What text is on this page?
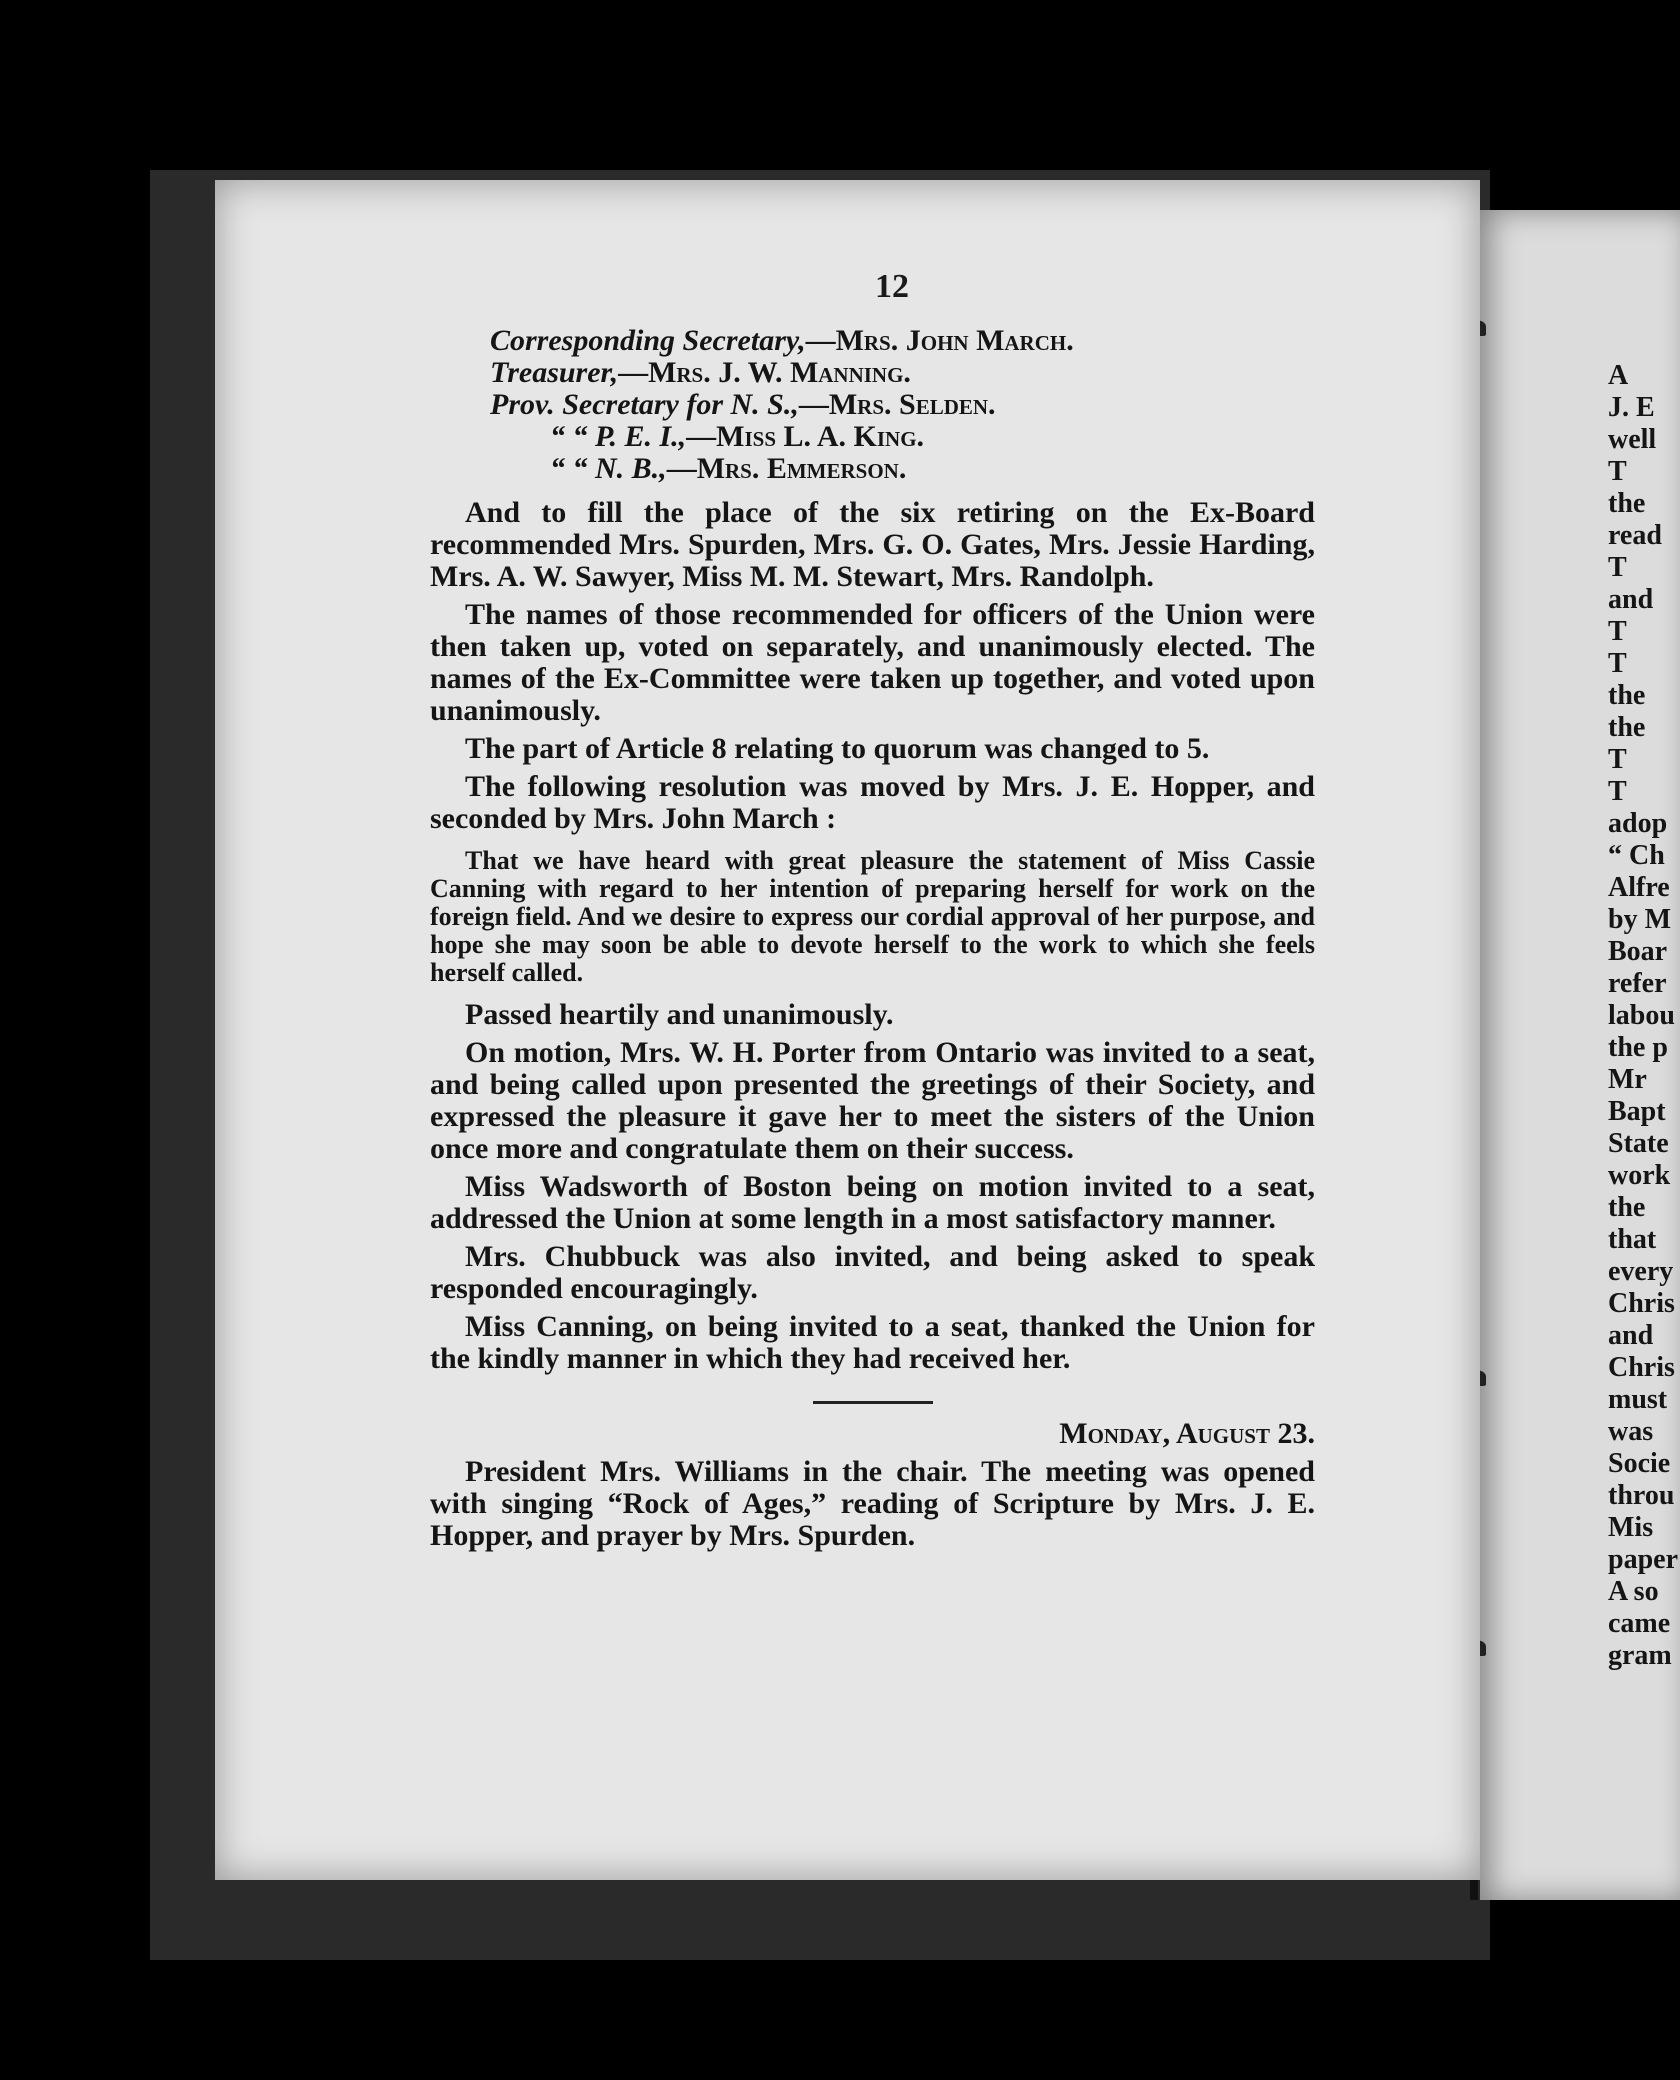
A
J. E
well
T
the
read
T
and
T
T
the
the
T
T
adop
“ Ch
Alfre
by M
Boar
refer
labou
the p
Mr
Bapt
State
work
the
that
every
Chris
and
Chris
must
was
Socie
throu
Mis
paper
A so
came
gram
12
Corresponding Secretary,—Mrs. John March.
Treasurer,—Mrs. J. W. Manning.
Prov. Secretary for N. S.,—Mrs. Selden.
“ “ P. E. I.,—Miss L. A. King.
“ “ N. B.,—Mrs. Emmerson.

And to fill the place of the six retiring on the Ex-Board recommended Mrs. Spurden, Mrs. G. O. Gates, Mrs. Jessie Harding, Mrs. A. W. Sawyer, Miss M. M. Stewart, Mrs. Randolph.

The names of those recommended for officers of the Union were then taken up, voted on separately, and unanimously elected. The names of the Ex-Committee were taken up together, and voted upon unanimously.

The part of Article 8 relating to quorum was changed to 5.

The following resolution was moved by Mrs. J. E. Hopper, and seconded by Mrs. John March :

That we have heard with great pleasure the statement of Miss Cassie Canning with regard to her intention of preparing herself for work on the foreign field. And we desire to express our cordial approval of her purpose, and hope she may soon be able to devote herself to the work to which she feels herself called.

Passed heartily and unanimously.

On motion, Mrs. W. H. Porter from Ontario was invited to a seat, and being called upon presented the greetings of their Society, and expressed the pleasure it gave her to meet the sisters of the Union once more and congratulate them on their success.

Miss Wadsworth of Boston being on motion invited to a seat, addressed the Union at some length in a most satisfactory manner.

Mrs. Chubbuck was also invited, and being asked to speak responded encouragingly.

Miss Canning, on being invited to a seat, thanked the Union for the kindly manner in which they had received her.

Monday, August 23.

President Mrs. Williams in the chair. The meeting was opened with singing “Rock of Ages,” reading of Scripture by Mrs. J. E. Hopper, and prayer by Mrs. Spurden.
